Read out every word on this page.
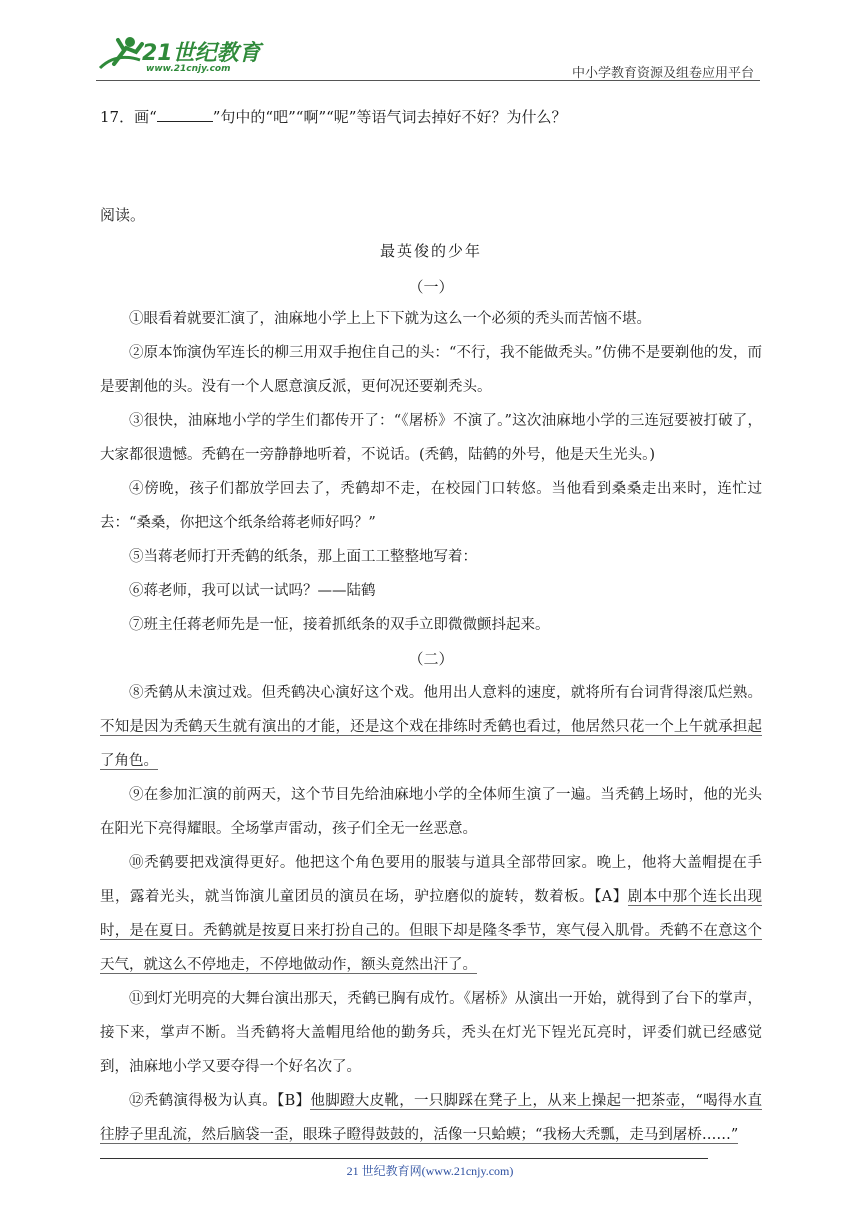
21世纪教育
www.21cnjy.com	中小学教育资源及组卷应用平台
17．画“	”句中的“吧”“啊”“呢”等语气词去掉好不好？为什么？
阅读。
最英俊的少年
（一）
①眼看着就要汇演了，油麻地小学上上下下就为这么一个必须的秃头而苦恼不堪。
②原本饰演伪军连长的柳三用双手抱住自己的头：“不行，我不能做秃头。”仿佛不是要剃他的发，而是要割他的头。没有一个人愿意演反派，更何况还要剃秃头。
③很快，油麻地小学的学生们都传开了：“《屠桥》不演了。”这次油麻地小学的三连冠要被打破了，大家都很遗憾。秃鹤在一旁静静地听着，不说话。(秃鹤，陆鹤的外号，他是天生光头。)
④傍晚，孩子们都放学回去了，秃鹤却不走，在校园门口转悠。当他看到桑桑走出来时，连忙过去：“桑桑，你把这个纸条给蒋老师好吗？”
⑤当蒋老师打开秃鹤的纸条，那上面工工整整地写着：
⑥蒋老师，我可以试一试吗？——陆鹤
⑦班主任蒋老师先是一怔，接着抓纸条的双手立即微微颤抖起来。
（二）
⑧秃鹤从未演过戏。但秃鹤决心演好这个戏。他用出人意料的速度，就将所有台词背得滚瓜烂熟。不知是因为秃鹤天生就有演出的才能，还是这个戏在排练时秃鹤也看过，他居然只花一个上午就承担起了角色。
⑨在参加汇演的前两天，这个节目先给油麻地小学的全体师生演了一遍。当秃鹤上场时，他的光头在阳光下亮得耀眼。全场掌声雷动，孩子们全无一丝恶意。
⑩秃鹤要把戏演得更好。他把这个角色要用的服装与道具全部带回家。晚上，他将大盖帽提在手里，露着光头，就当饰演儿童团员的演员在场，驴拉磨似的旋转，数着板。【A】剧本中那个连长出现时，是在夏日。秃鹤就是按夏日来打扮自己的。但眼下却是隆冬季节，寒气侵入肌骨。秃鹤不在意这个天气，就这么不停地走，不停地做动作，额头竟然出汗了。
⑪到灯光明亮的大舞台演出那天，秃鹤已胸有成竹。《屠桥》从演出一开始，就得到了台下的掌声，接下来，掌声不断。当秃鹤将大盖帽甩给他的勤务兵，秃头在灯光下锃光瓦亮时，评委们就已经感觉到，油麻地小学又要夺得一个好名次了。
⑫秃鹤演得极为认真。【B】他脚蹬大皮靴，一只脚踩在凳子上，从来上操起一把茶壶，“喝得水直往脖子里乱流，然后脑袋一歪，眼珠子瞪得鼓鼓的，活像一只蛤蟆；“我杨大秃瓢，走马到屠桥……”
21 世纪教育网(www.21cnjy.com)
